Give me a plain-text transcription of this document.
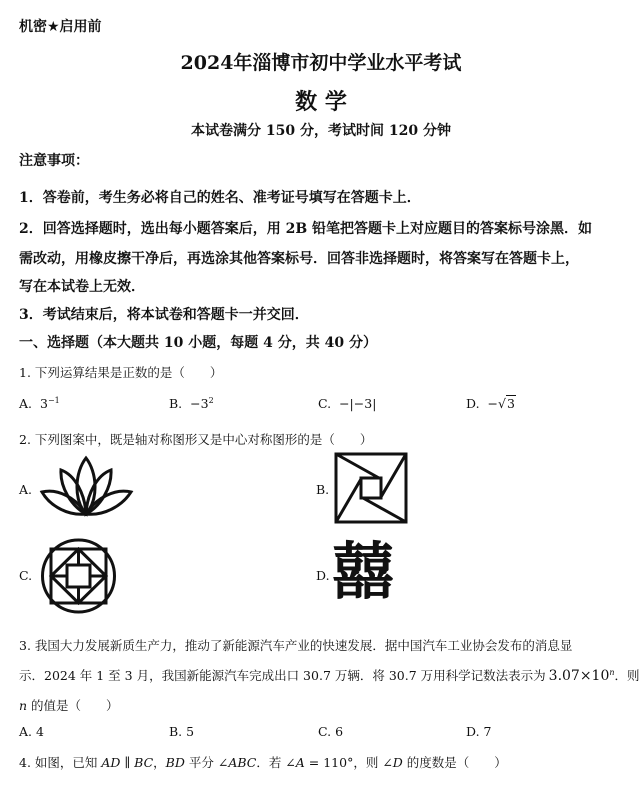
机密★启用前
2024年淄博市初中学业水平考试
数 学
本试卷满分 150 分，考试时间 120 分钟
注意事项：
1．答卷前，考生务必将自己的姓名、准考证号填写在答题卡上．
2．回答选择题时，选出每小题答案后，用 2B 铅笔把答题卡上对应题目的答案标号涂黑．如
需改动，用橡皮擦干净后，再选涂其他答案标号．回答非选择题时，将答案写在答题卡上，
写在本试卷上无效．
3．考试结束后，将本试卷和答题卡一并交回．
一、选择题（本大题共 10 小题，每题 4 分，共 40 分）
1. 下列运算结果是正数的是（　　）
A. $3^{-1}$	B. $-3^2$	C. −|−3|	D. −√3
2. 下列图案中，既是轴对称图形又是中心对称图形的是（　　）
A.	B.
C.	D. 囍
3. 我国大力发展新质生产力，推动了新能源汽车产业的快速发展．据中国汽车工业协会发布的消息显
示．2024 年 1 至 3 月，我国新能源汽车完成出口 30.7 万辆．将 30.7 万用科学记数法表示为 $3.07\times 10^n$．则
n 的值是（　　）
A. 4	B. 5	C. 6	D. 7
4. 如图，已知 AD ∥ BC，BD 平分 ∠ABC．若 ∠A = 110°，则 ∠D 的度数是（　　）
